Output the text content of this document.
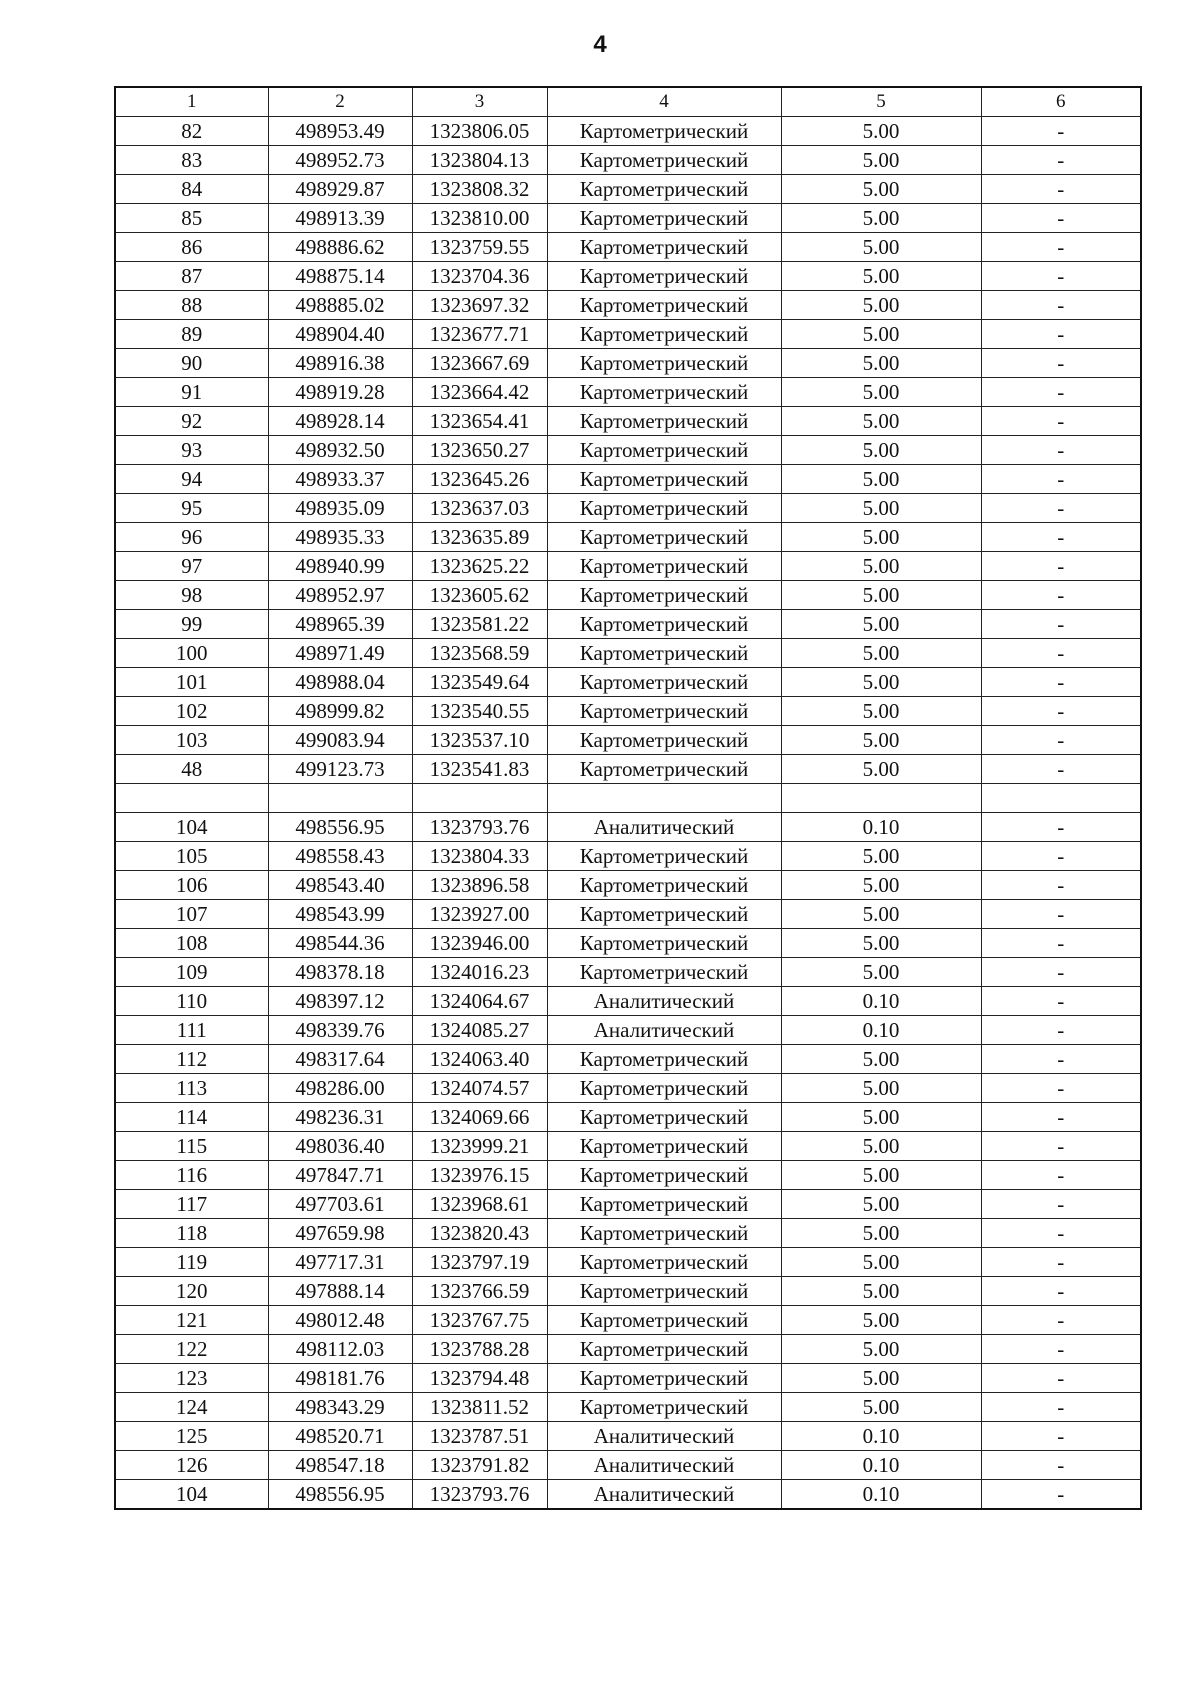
4
1	2	3	4	5	6
82	498953.49	1323806.05	Картометрический	5.00	-
83	498952.73	1323804.13	Картометрический	5.00	-
84	498929.87	1323808.32	Картометрический	5.00	-
85	498913.39	1323810.00	Картометрический	5.00	-
86	498886.62	1323759.55	Картометрический	5.00	-
87	498875.14	1323704.36	Картометрический	5.00	-
88	498885.02	1323697.32	Картометрический	5.00	-
89	498904.40	1323677.71	Картометрический	5.00	-
90	498916.38	1323667.69	Картометрический	5.00	-
91	498919.28	1323664.42	Картометрический	5.00	-
92	498928.14	1323654.41	Картометрический	5.00	-
93	498932.50	1323650.27	Картометрический	5.00	-
94	498933.37	1323645.26	Картометрический	5.00	-
95	498935.09	1323637.03	Картометрический	5.00	-
96	498935.33	1323635.89	Картометрический	5.00	-
97	498940.99	1323625.22	Картометрический	5.00	-
98	498952.97	1323605.62	Картометрический	5.00	-
99	498965.39	1323581.22	Картометрический	5.00	-
100	498971.49	1323568.59	Картометрический	5.00	-
101	498988.04	1323549.64	Картометрический	5.00	-
102	498999.82	1323540.55	Картометрический	5.00	-
103	499083.94	1323537.10	Картометрический	5.00	-
48	499123.73	1323541.83	Картометрический	5.00	-

104	498556.95	1323793.76	Аналитический	0.10	-
105	498558.43	1323804.33	Картометрический	5.00	-
106	498543.40	1323896.58	Картометрический	5.00	-
107	498543.99	1323927.00	Картометрический	5.00	-
108	498544.36	1323946.00	Картометрический	5.00	-
109	498378.18	1324016.23	Картометрический	5.00	-
110	498397.12	1324064.67	Аналитический	0.10	-
111	498339.76	1324085.27	Аналитический	0.10	-
112	498317.64	1324063.40	Картометрический	5.00	-
113	498286.00	1324074.57	Картометрический	5.00	-
114	498236.31	1324069.66	Картометрический	5.00	-
115	498036.40	1323999.21	Картометрический	5.00	-
116	497847.71	1323976.15	Картометрический	5.00	-
117	497703.61	1323968.61	Картометрический	5.00	-
118	497659.98	1323820.43	Картометрический	5.00	-
119	497717.31	1323797.19	Картометрический	5.00	-
120	497888.14	1323766.59	Картометрический	5.00	-
121	498012.48	1323767.75	Картометрический	5.00	-
122	498112.03	1323788.28	Картометрический	5.00	-
123	498181.76	1323794.48	Картометрический	5.00	-
124	498343.29	1323811.52	Картометрический	5.00	-
125	498520.71	1323787.51	Аналитический	0.10	-
126	498547.18	1323791.82	Аналитический	0.10	-
104	498556.95	1323793.76	Аналитический	0.10	-
